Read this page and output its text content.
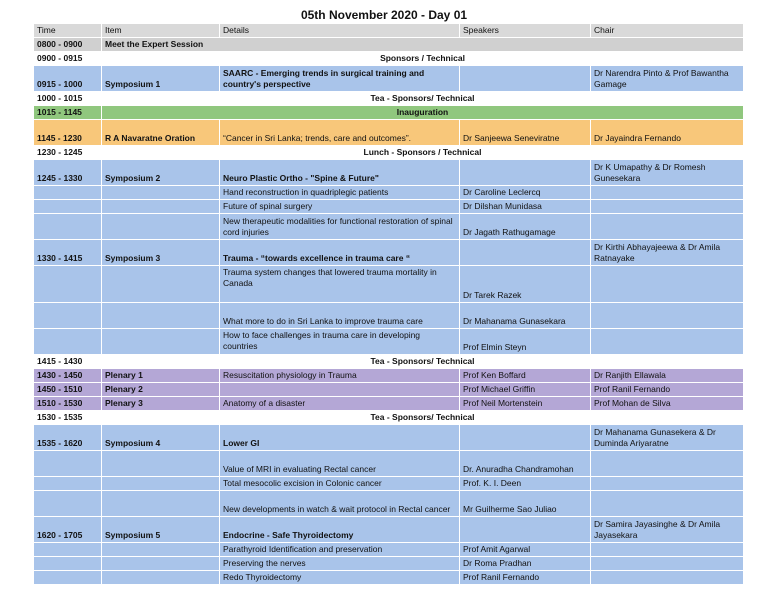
05th November 2020 - Day 01
Time	Item	Details	Speakers	Chair
0800 - 0900	Meet the Expert Session			
0900 - 0915	Sponsors / Technical			
0915 - 1000	Symposium 1	SAARC - Emerging trends in surgical training and country's perspective		Dr Narendra Pinto & Prof Bawantha Gamage
1000 - 1015	Tea - Sponsors/ Technical			
1015 - 1145	Inauguration			
1145 - 1230	R A Navaratne Oration	“Cancer in Sri Lanka; trends, care and outcomes”.	Dr Sanjeewa Seneviratne	Dr Jayaindra Fernando
1230 - 1245	Lunch - Sponsors / Technical			
1245 - 1330	Symposium 2	Neuro Plastic Ortho - "Spine & Future"		Dr K Umapathy & Dr Romesh Gunesekara
		Hand reconstruction in quadriplegic patients	Dr Caroline Leclercq	
		Future of spinal surgery	Dr Dilshan Munidasa	
		New therapeutic modalities for functional restoration of spinal cord injuries	Dr Jagath Rathugamage	
1330 - 1415	Symposium 3	Trauma - “towards excellence in trauma care “		Dr Kirthi Abhayajeewa & Dr Amila Ratnayake
		Trauma system changes that lowered trauma mortality in Canada	Dr Tarek Razek	
		What more to do in Sri Lanka to improve trauma care	Dr Mahanama Gunasekara	
		How to face challenges in trauma care in developing countries	Prof Elmin Steyn	
1415 - 1430	Tea - Sponsors/ Technical			
1430 - 1450	Plenary 1	Resuscitation physiology in Trauma	Prof Ken Boffard	Dr Ranjith Ellawala
1450 - 1510	Plenary 2		Prof Michael Griffin	Prof Ranil Fernando
1510 - 1530	Plenary 3	Anatomy of a disaster	Prof Neil Mortenstein	Prof Mohan de Silva
1530 - 1535	Tea - Sponsors/ Technical			
1535 - 1620	Symposium 4	Lower GI		Dr Mahanama Gunasekera & Dr Duminda Ariyaratne
		Value of MRI in evaluating Rectal cancer	Dr. Anuradha Chandramohan	
		Total mesocolic excision in Colonic cancer	Prof. K. I. Deen	
		New developments in watch & wait protocol in Rectal cancer	Mr Guilherme Sao Juliao	
1620 - 1705	Symposium 5	Endocrine - Safe Thyroidectomy		Dr Samira Jayasinghe & Dr Amila Jayasekara
		Parathyroid Identification and preservation	Prof Amit Agarwal	
		Preserving the nerves	Dr Roma Pradhan	
		Redo Thyroidectomy	Prof Ranil Fernando	
